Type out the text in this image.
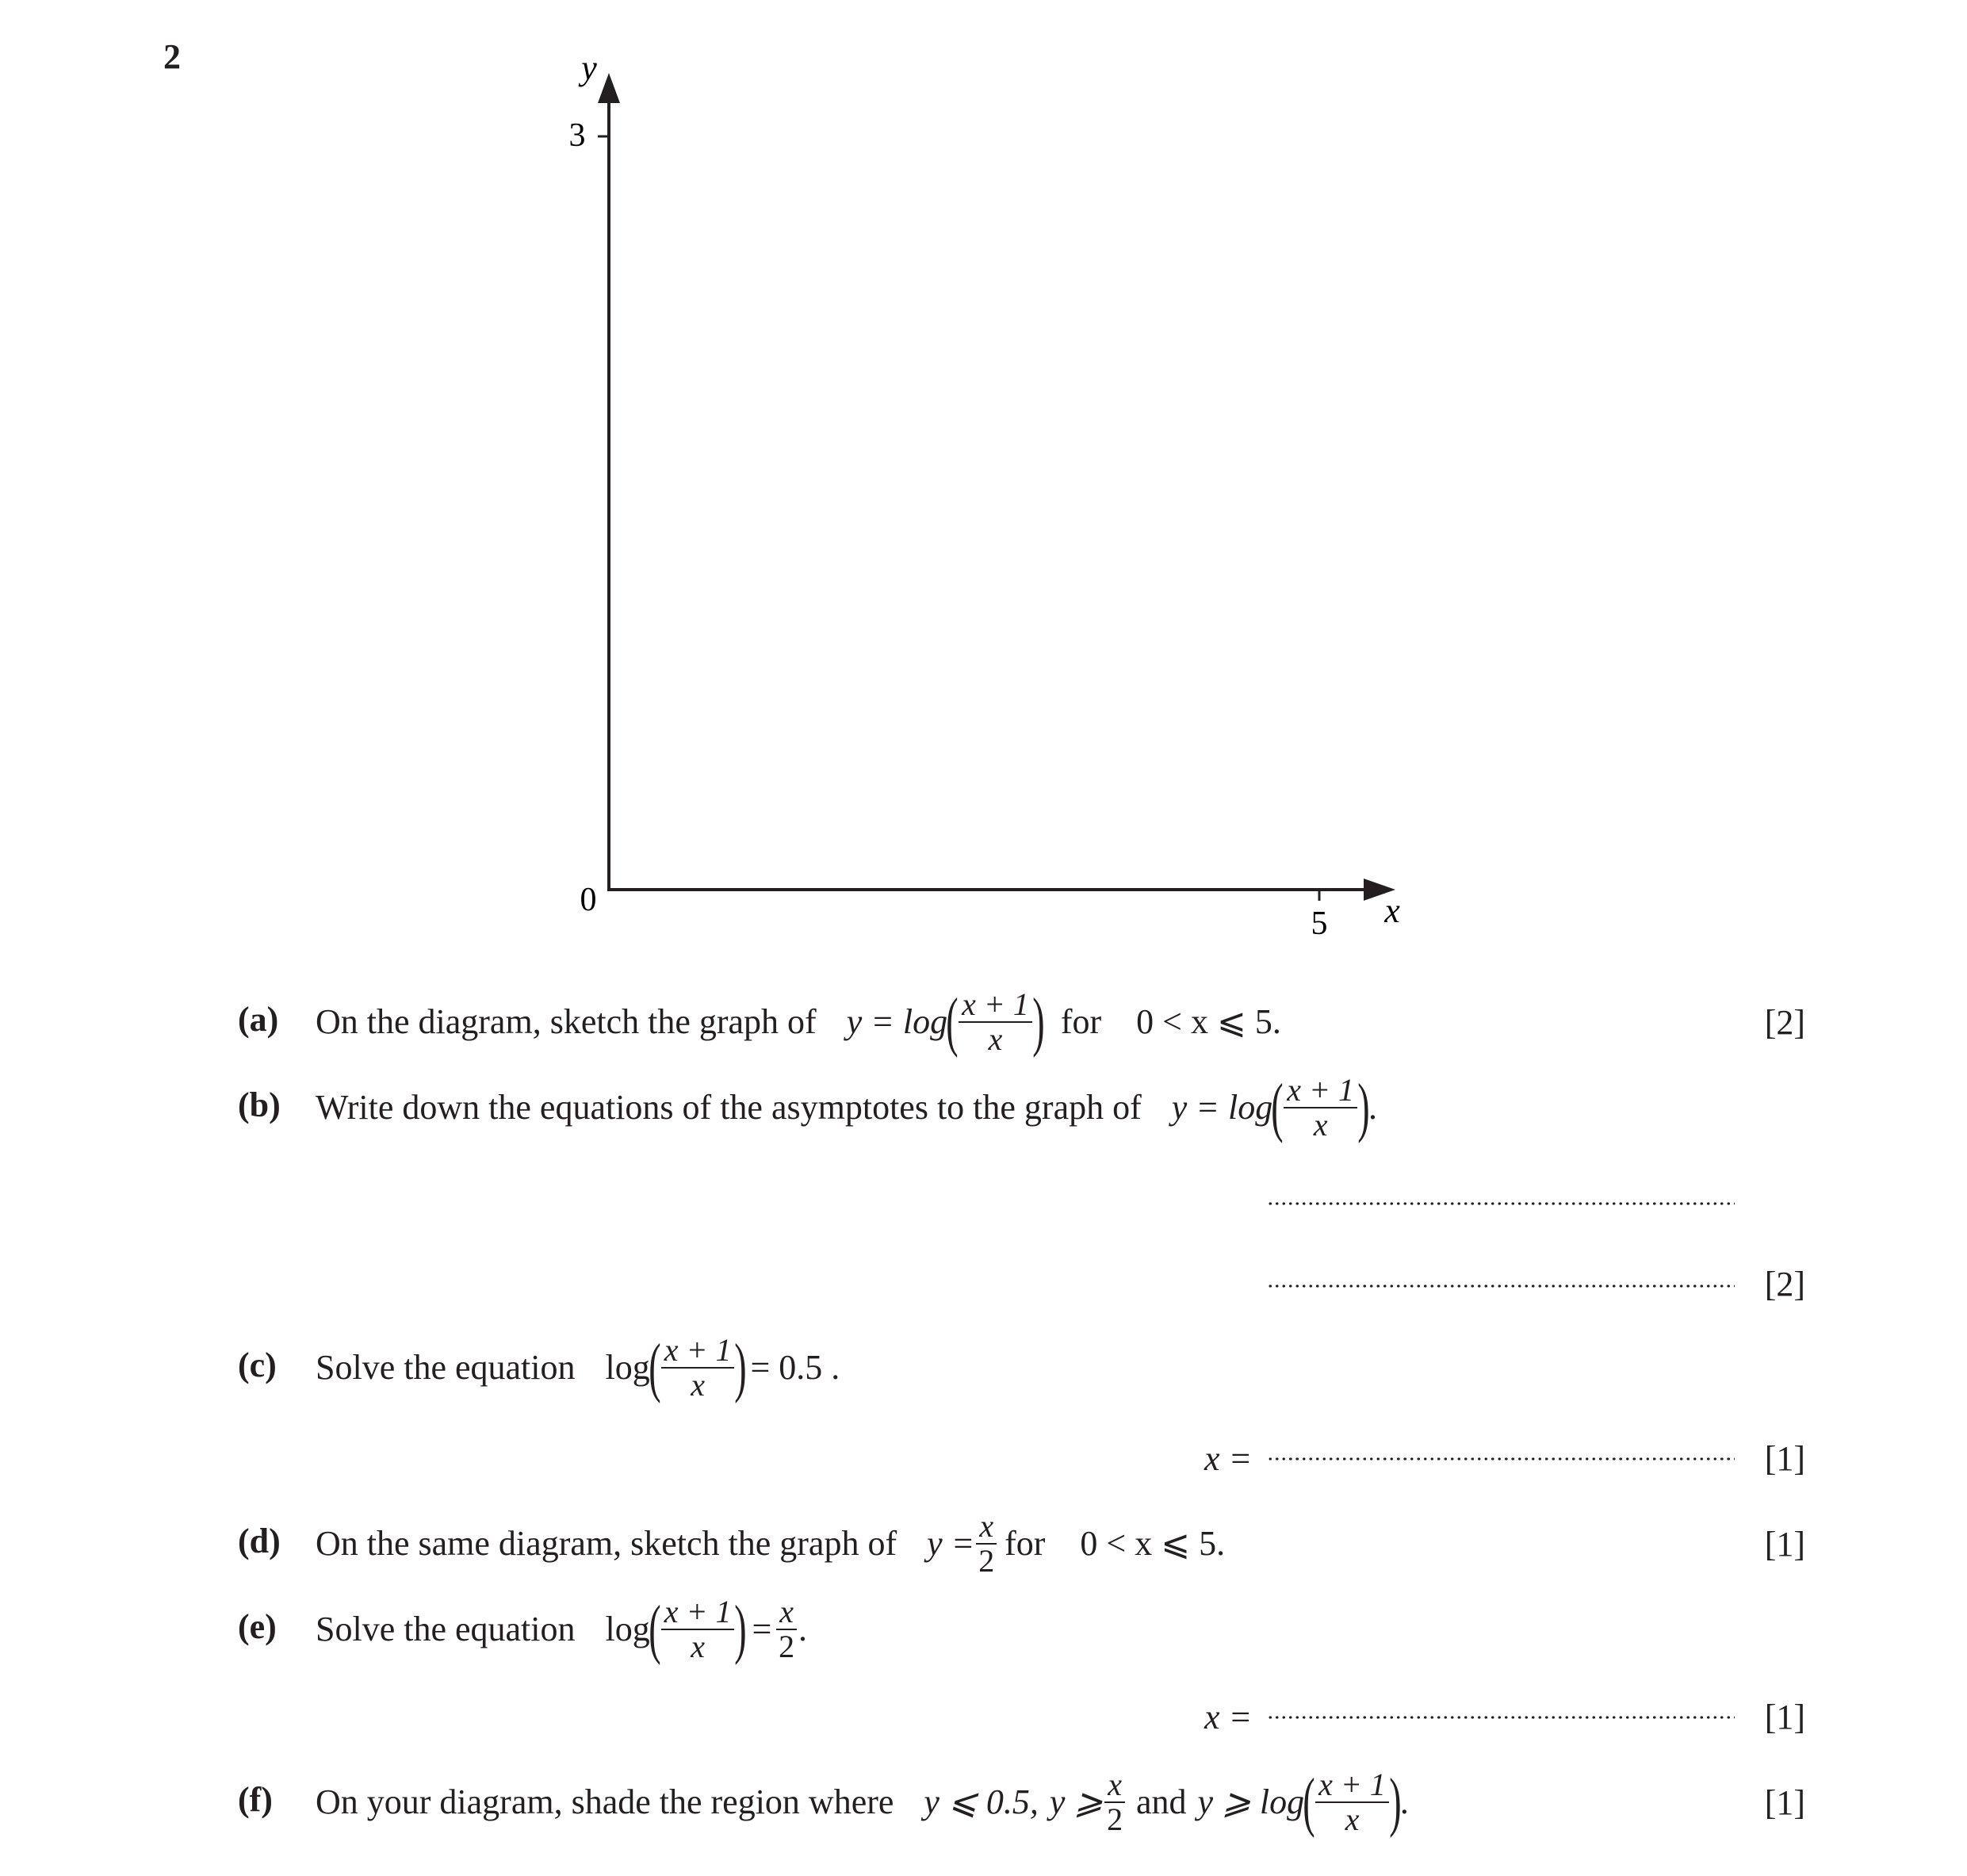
2
3
y
0
5 x
(a) On the diagram, sketch the graph of y = log
( $\frac{x + 1}{x}$ ) for 0 < x ⩽ 5.	[2]
(b) Write down the equations of the asymptotes to the graph of y = log
( $\frac{x + 1}{x}$ )
.
[2]
(c) Solve the equation log
( $\frac{x + 1}{x}$ ) = 0.5 .
x =	[1]
(d) On the same diagram, sketch the graph of $y = \frac{x}{2}$ for 0 < x ⩽ 5.	[1]
(e) Solve the equation log
( $\frac{x + 1}{x}$ ) = $\frac{x}{2}$ .
x =	[1]
(f) On your diagram, shade the region where y ⩽ 0.5, y ⩾ $\frac{x}{2}$ and y ⩾ log
( $\frac{x + 1}{x}$ )
.	[1]
